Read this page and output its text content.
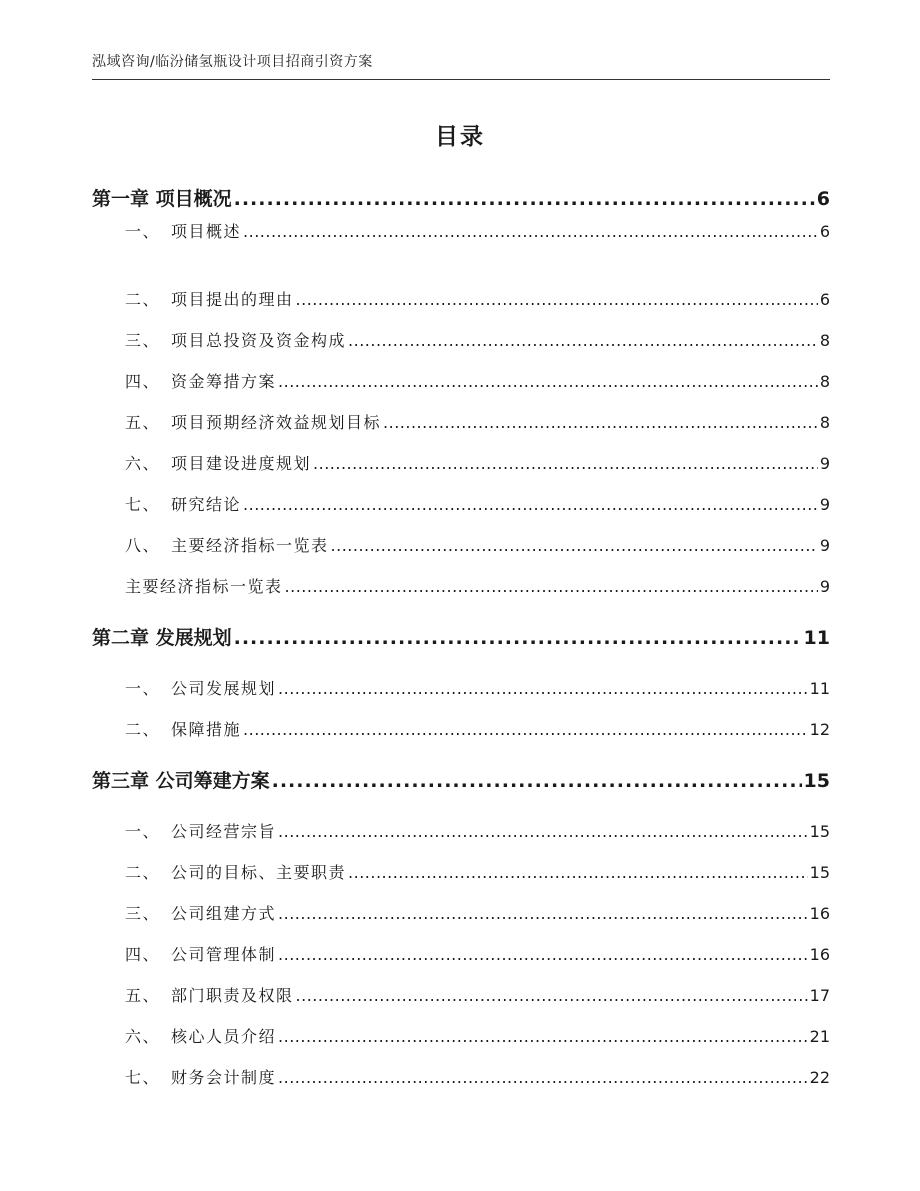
泓域咨询/临汾储氢瓶设计项目招商引资方案
目录
第一章 项目概况 .....	6
一、 项目概述 .....	6
二、 项目提出的理由 .....	6
三、 项目总投资及资金构成 .....	8
四、 资金筹措方案 .....	8
五、 项目预期经济效益规划目标 .....	8
六、 项目建设进度规划 .....	9
七、 研究结论 .....	9
八、 主要经济指标一览表 .....	9
主要经济指标一览表 .....	9
第二章 发展规划 .....	11
一、 公司发展规划 .....	11
二、 保障措施 .....	12
第三章 公司筹建方案 .....	15
一、 公司经营宗旨 .....	15
二、 公司的目标、主要职责 .....	15
三、 公司组建方式 .....	16
四、 公司管理体制 .....	16
五、 部门职责及权限 .....	17
六、 核心人员介绍 .....	21
七、 财务会计制度 .....	22
